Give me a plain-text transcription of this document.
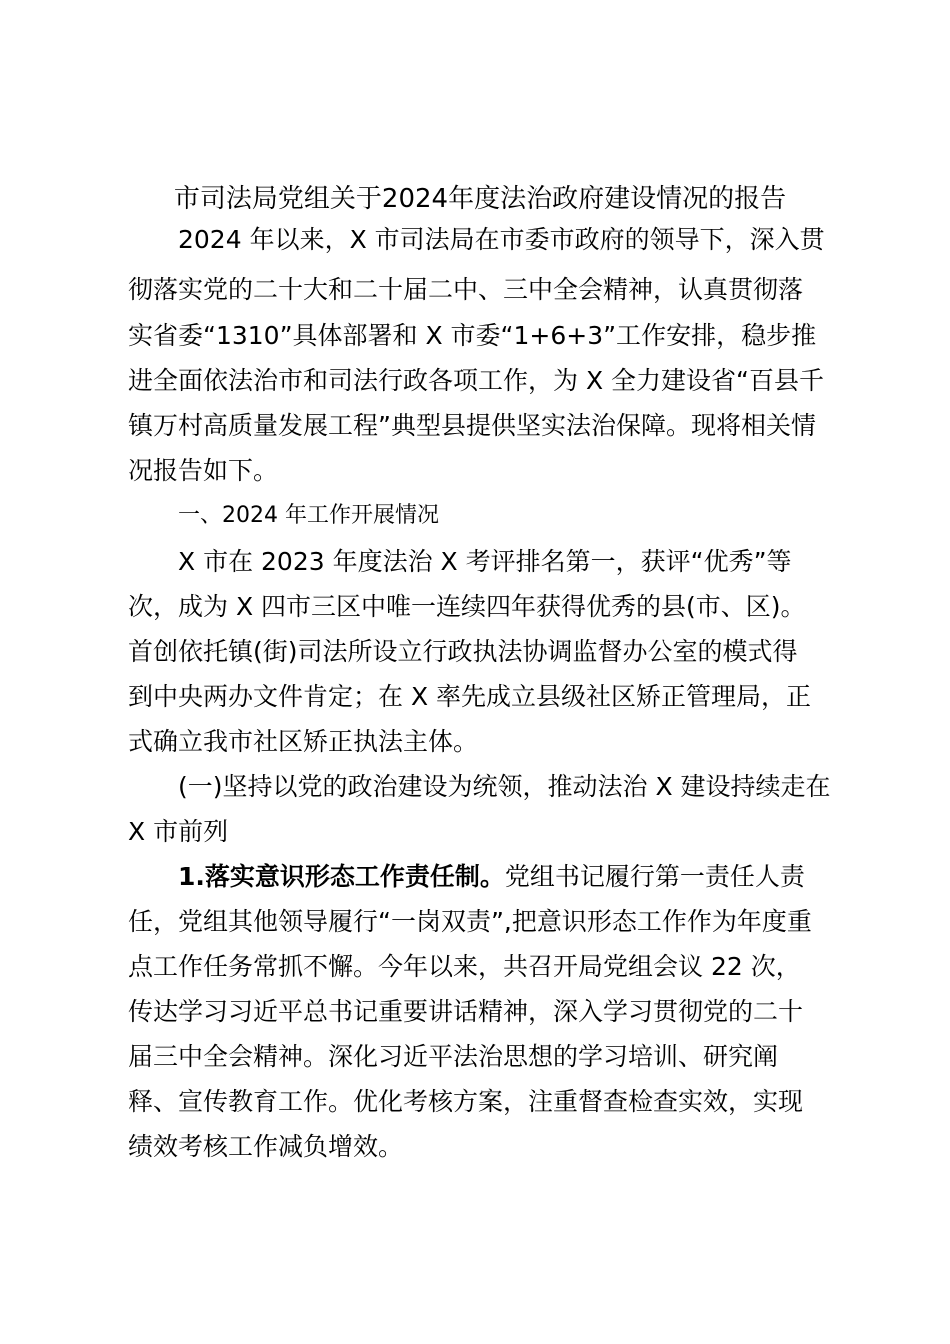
市司法局党组关于2024年度法治政府建设情况的报告
2024 年以来，X 市司法局在市委市政府的领导下，深入贯
彻落实党的二十大和二十届二中、三中全会精神，认真贯彻落
实省委“1310”具体部署和 X 市委“1+6+3”工作安排，稳步推
进全面依法治市和司法行政各项工作，为 X 全力建设省“百县千
镇万村高质量发展工程”典型县提供坚实法治保障。现将相关情
况报告如下。
一、2024 年工作开展情况
X 市在 2023 年度法治 X 考评排名第一，获评“优秀”等
次，成为 X 四市三区中唯一连续四年获得优秀的县(市、区)。
首创依托镇(街)司法所设立行政执法协调监督办公室的模式得
到中央两办文件肯定；在 X 率先成立县级社区矫正管理局，正
式确立我市社区矫正执法主体。
(一)坚持以党的政治建设为统领，推动法治 X 建设持续走在
X 市前列
1.落实意识形态工作责任制。党组书记履行第一责任人责
任，党组其他领导履行“一岗双责”,把意识形态工作作为年度重
点工作任务常抓不懈。今年以来，共召开局党组会议 22 次，
传达学习习近平总书记重要讲话精神，深入学习贯彻党的二十
届三中全会精神。深化习近平法治思想的学习培训、研究阐
释、宣传教育工作。优化考核方案，注重督查检查实效，实现
绩效考核工作减负增效。
